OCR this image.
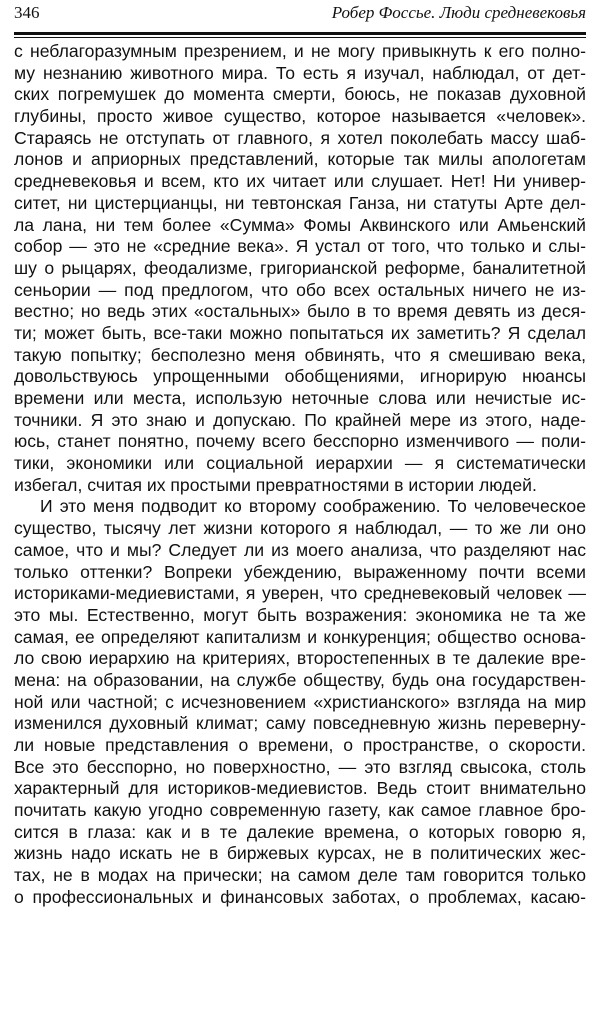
346	Робер Фоссье. Люди средневековья
с неблагоразумным презрением, и не могу привыкнуть к его полно-
му незнанию животного мира. То есть я изучал, наблюдал, от дет-
ских погремушек до момента смерти, боюсь, не показав духовной
глубины, просто живое существо, которое называется «человек».
Стараясь не отступать от главного, я хотел поколебать массу шаб-
лонов и априорных представлений, которые так милы апологетам
средневековья и всем, кто их читает или слушает. Нет! Ни универ-
ситет, ни цистерцианцы, ни тевтонская Ганза, ни статуты Арте дел-
ла лана, ни тем более «Сумма» Фомы Аквинского или Амьенский
собор — это не «средние века». Я устал от того, что только и слы-
шу о рыцарях, феодализме, григорианской реформе, баналитетной
сеньории — под предлогом, что обо всех остальных ничего не из-
вестно; но ведь этих «остальных» было в то время девять из деся-
ти; может быть, все-таки можно попытаться их заметить? Я сделал
такую попытку; бесполезно меня обвинять, что я смешиваю века,
довольствуюсь упрощенными обобщениями, игнорирую нюансы
времени или места, использую неточные слова или нечистые ис-
точники. Я это знаю и допускаю. По крайней мере из этого, наде-
юсь, станет понятно, почему всего бесспорно изменчивого — поли-
тики, экономики или социальной иерархии — я систематически
избегал, считая их простыми превратностями в истории людей.
И это меня подводит ко второму соображению. То человеческое
существо, тысячу лет жизни которого я наблюдал, — то же ли оно
самое, что и мы? Следует ли из моего анализа, что разделяют нас
только оттенки? Вопреки убеждению, выраженному почти всеми
историками-медиевистами, я уверен, что средневековый человек —
это мы. Естественно, могут быть возражения: экономика не та же
самая, ее определяют капитализм и конкуренция; общество основа-
ло свою иерархию на критериях, второстепенных в те далекие вре-
мена: на образовании, на службе обществу, будь она государствен-
ной или частной; с исчезновением «христианского» взгляда на мир
изменился духовный климат; саму повседневную жизнь переверну-
ли новые представления о времени, о пространстве, о скорости.
Все это бесспорно, но поверхностно, — это взгляд свысока, столь
характерный для историков-медиевистов. Ведь стоит внимательно
почитать какую угодно современную газету, как самое главное бро-
сится в глаза: как и в те далекие времена, о которых говорю я,
жизнь надо искать не в биржевых курсах, не в политических жес-
тах, не в модах на прически; на самом деле там говорится только
о профессиональных и финансовых заботах, о проблемах, касаю-
